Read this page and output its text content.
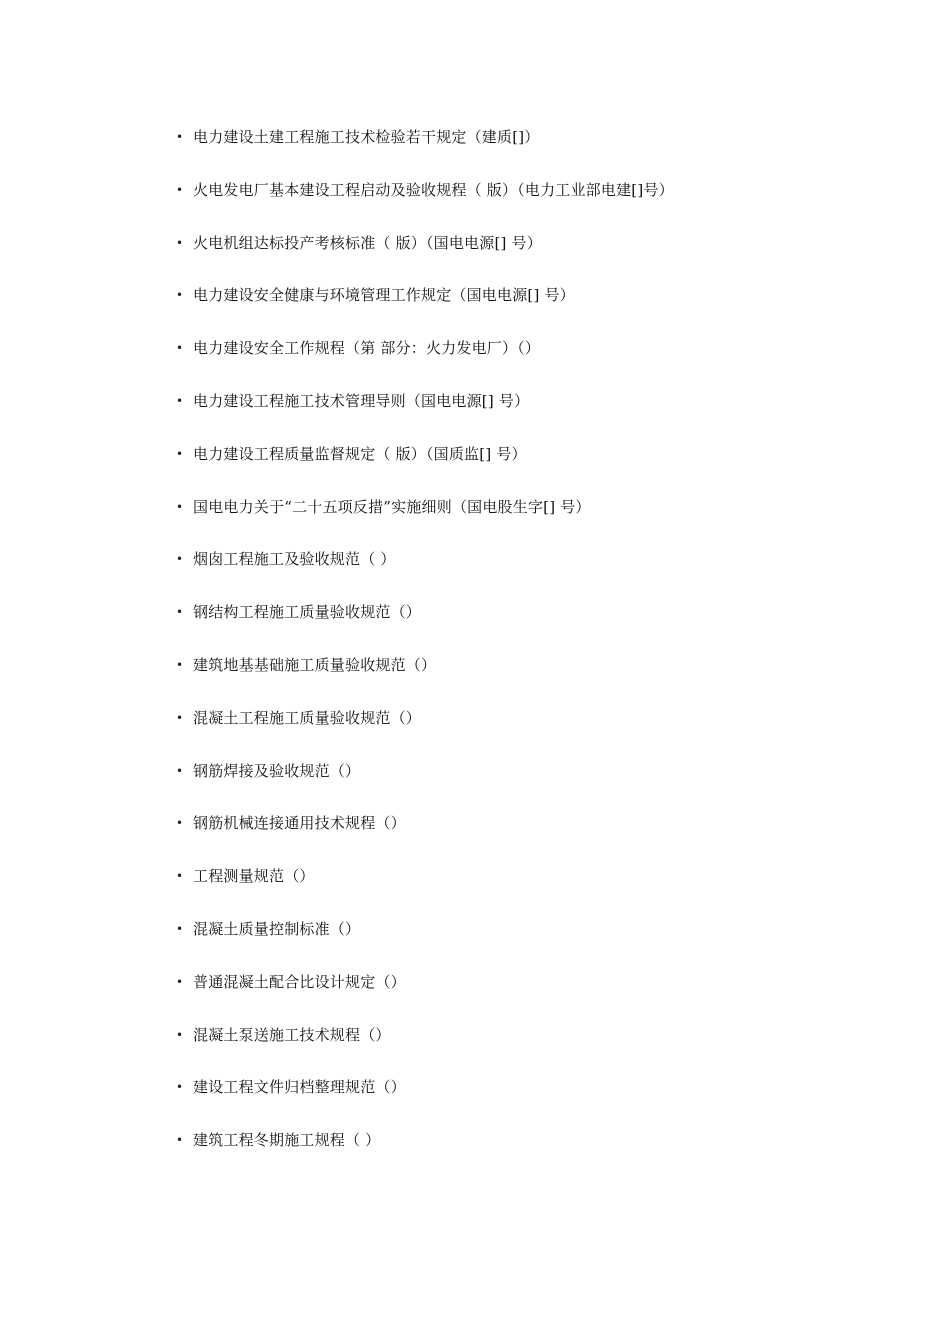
• 电力建设土建工程施工技术检验若干规定（建质[]）
• 火电发电厂基本建设工程启动及验收规程（ 版）（电力工业部电建[]号）
• 火电机组达标投产考核标准（ 版）（国电电源[] 号）
• 电力建设安全健康与环境管理工作规定（国电电源[] 号）
• 电力建设安全工作规程（第 部分：火力发电厂）（）
• 电力建设工程施工技术管理导则（国电电源[] 号）
• 电力建设工程质量监督规定（ 版）（国质监[] 号）
• 国电电力关于“二十五项反措”实施细则（国电股生字[] 号）
• 烟囱工程施工及验收规范（ ）
• 钢结构工程施工质量验收规范（）
• 建筑地基基础施工质量验收规范（）
• 混凝土工程施工质量验收规范（）
• 钢筋焊接及验收规范（）
• 钢筋机械连接通用技术规程（）
• 工程测量规范（）
• 混凝土质量控制标准（）
• 普通混凝土配合比设计规定（）
• 混凝土泵送施工技术规程（）
• 建设工程文件归档整理规范（）
• 建筑工程冬期施工规程（ ）
